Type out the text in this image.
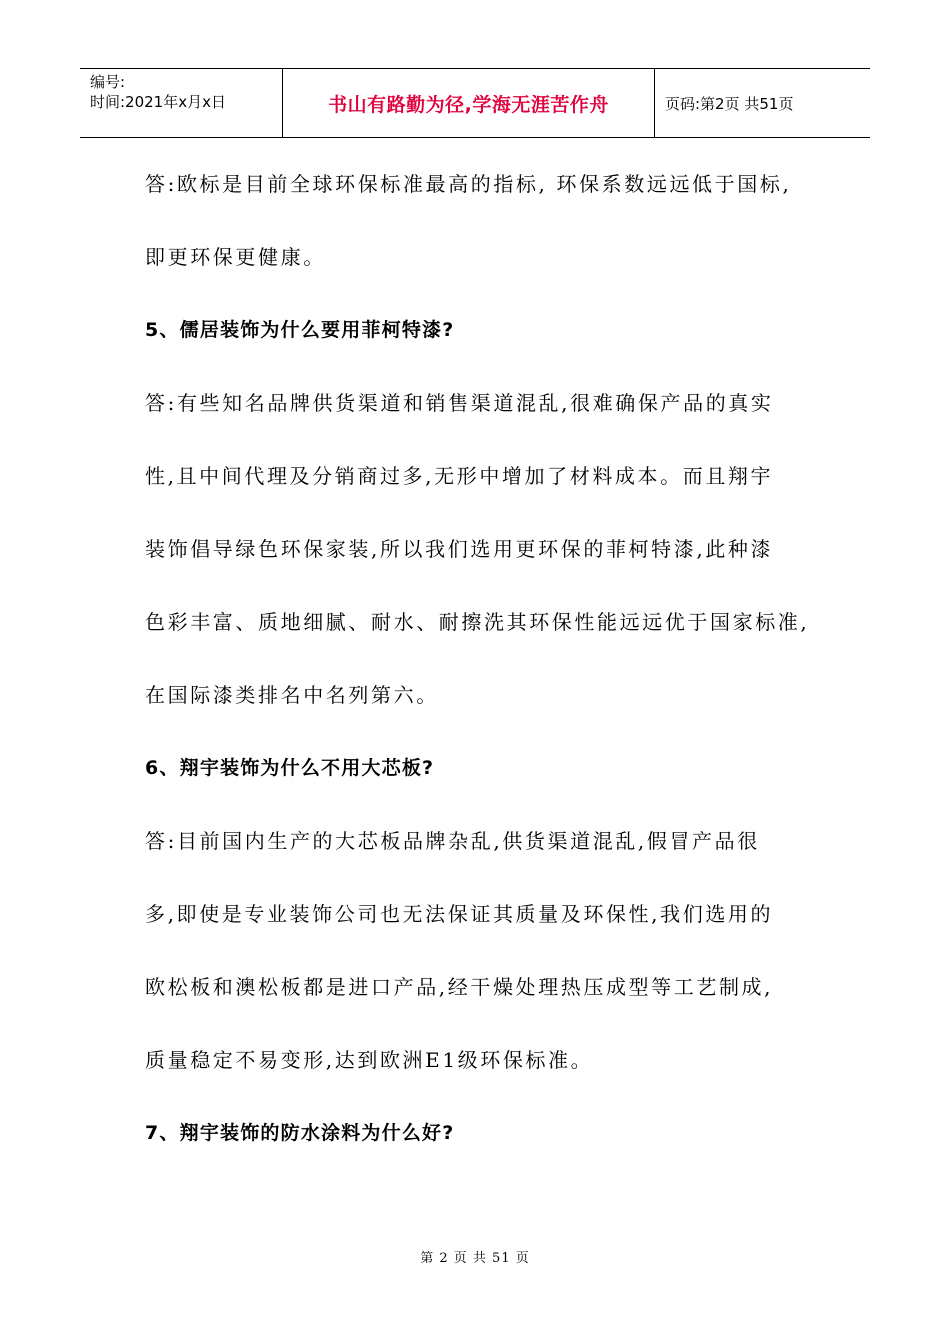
编号:
时间:2021年x月x日	书山有路勤为径,学海无涯苦作舟	页码:第2页 共51页
答:欧标是目前全球环保标准最高的指标, 环保系数远远低于国标,
即更环保更健康。
5、儒居装饰为什么要用菲柯特漆?
答:有些知名品牌供货渠道和销售渠道混乱,很难确保产品的真实
性,且中间代理及分销商过多,无形中增加了材料成本。而且翔宇
装饰倡导绿色环保家装,所以我们选用更环保的菲柯特漆,此种漆
色彩丰富、质地细腻、耐水、耐擦洗其环保性能远远优于国家标准,
在国际漆类排名中名列第六。
6、翔宇装饰为什么不用大芯板?
答:目前国内生产的大芯板品牌杂乱,供货渠道混乱,假冒产品很
多,即使是专业装饰公司也无法保证其质量及环保性,我们选用的
欧松板和澳松板都是进口产品,经干燥处理热压成型等工艺制成,
质量稳定不易变形,达到欧洲E1级环保标准。
7、翔宇装饰的防水涂料为什么好?
第 2 页 共 51 页
